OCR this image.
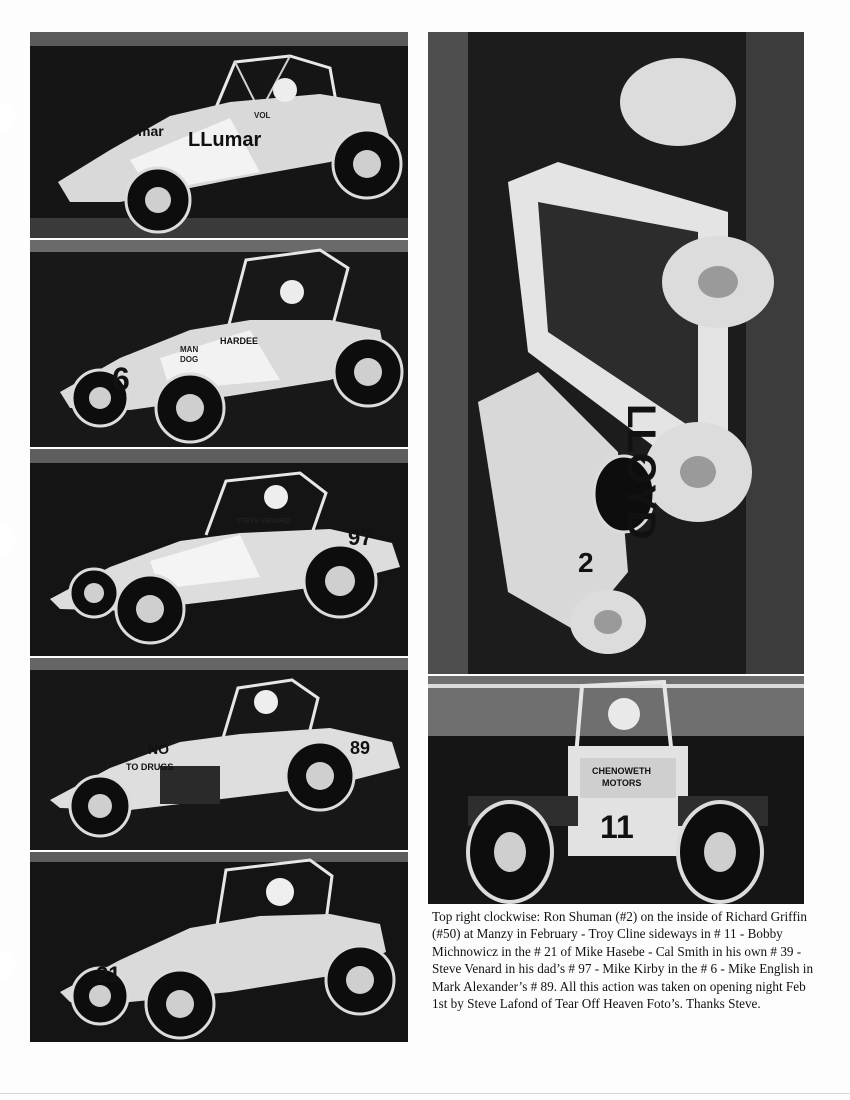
LLumar
mar
VOL
6
HARDEE
MAN
DOG
97
STEVE VENARD
NO
TO DRUGS
89
21
LLOYD
2
CHENOWETH
MOTORS
11

Top right clockwise: Ron Shuman (#2) on the inside of Richard Griffin (#50) at Manzy in February - Troy Cline sideways in # 11 - Bobby Michnowicz in the # 21 of Mike Hasebe - Cal Smith in his own # 39 - Steve Venard in his dad’s # 97 - Mike Kirby in the # 6 - Mike English in Mark Alexander’s # 89. All this action was taken on opening night Feb 1st by Steve Lafond of Tear Off Heaven Foto’s. Thanks Steve.
